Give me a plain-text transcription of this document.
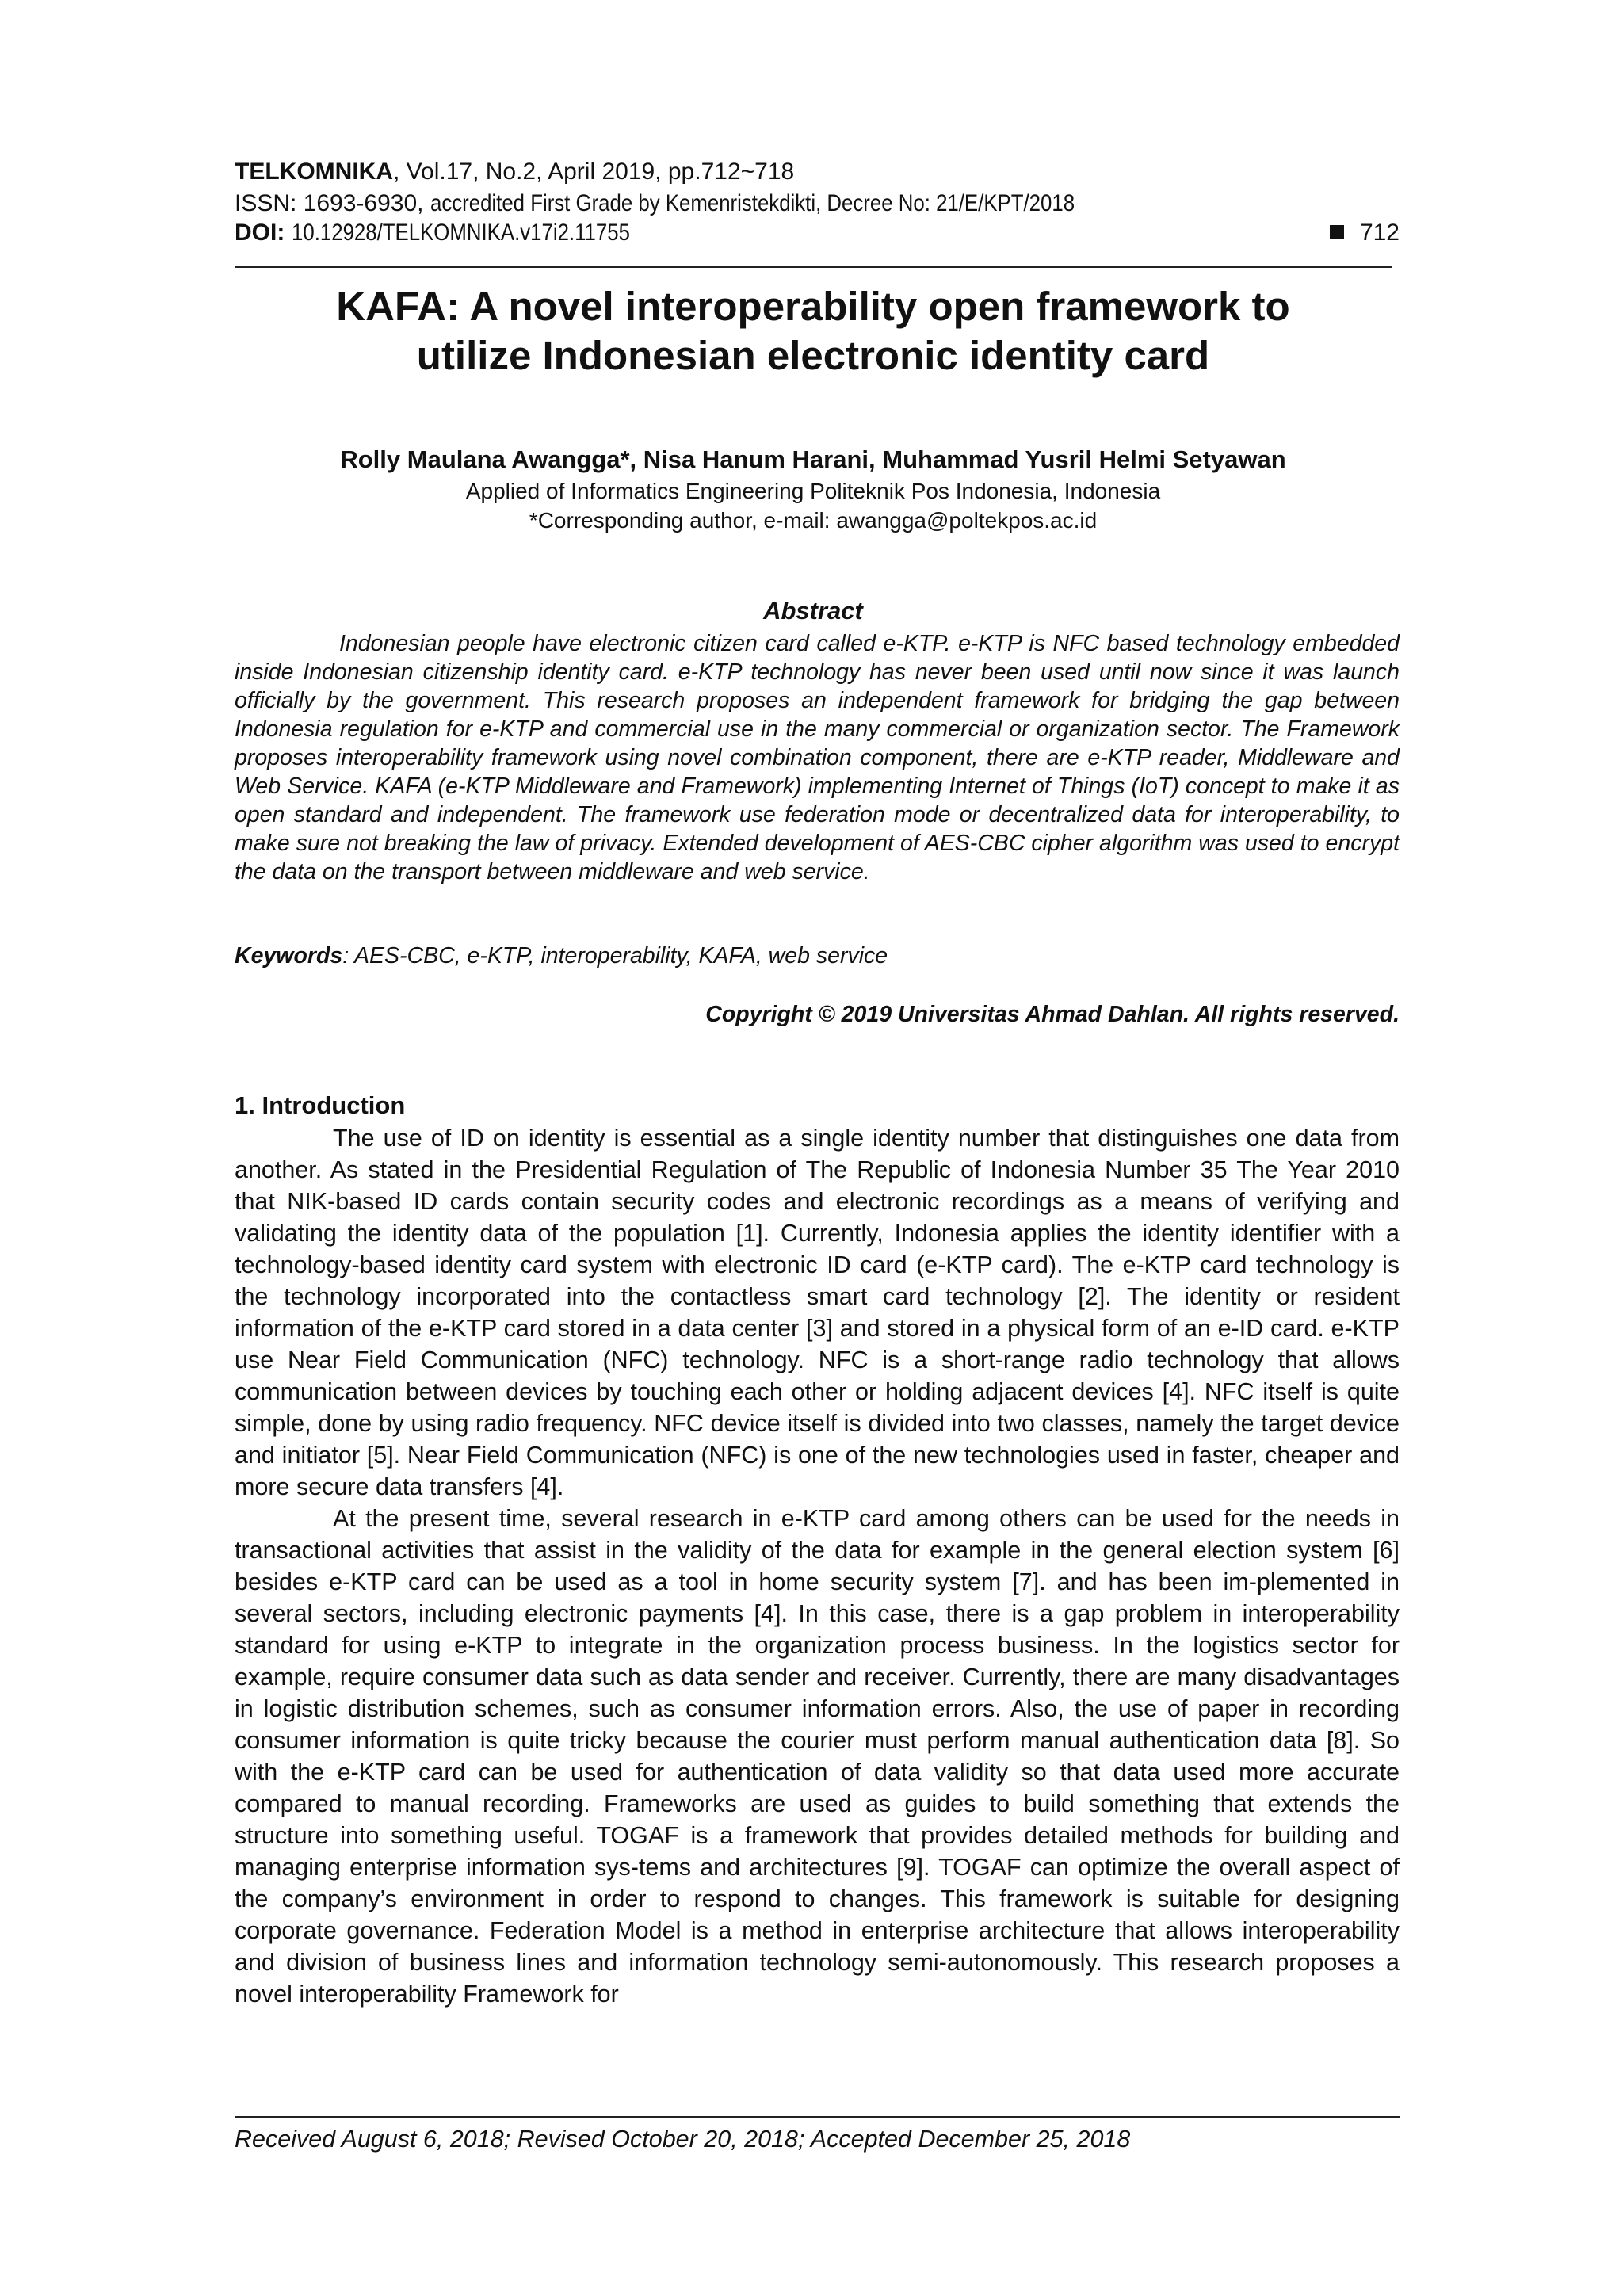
TELKOMNIKA, Vol.17, No.2, April 2019, pp.712~718
ISSN: 1693-6930, accredited First Grade by Kemenristekdikti, Decree No: 21/E/KPT/2018
DOI: 10.12928/TELKOMNIKA.v17i2.11755	712
KAFA: A novel interoperability open framework to
utilize Indonesian electronic identity card
Rolly Maulana Awangga*, Nisa Hanum Harani, Muhammad Yusril Helmi Setyawan
Applied of Informatics Engineering Politeknik Pos Indonesia, Indonesia
*Corresponding author, e-mail: awangga@poltekpos.ac.id
Abstract
Indonesian people have electronic citizen card called e-KTP. e-KTP is NFC based technology embedded inside Indonesian citizenship identity card. e-KTP technology has never been used until now since it was launch officially by the government. This research proposes an independent framework for bridging the gap between Indonesia regulation for e-KTP and commercial use in the many commercial or organization sector. The Framework proposes interoperability framework using novel combination component, there are e-KTP reader, Middleware and Web Service. KAFA (e-KTP Middleware and Framework) implementing Internet of Things (IoT) concept to make it as open standard and independent. The framework use federation mode or decentralized data for interoperability, to make sure not breaking the law of privacy. Extended development of AES-CBC cipher algorithm was used to encrypt the data on the transport between middleware and web service.
Keywords: AES-CBC, e-KTP, interoperability, KAFA, web service
Copyright © 2019 Universitas Ahmad Dahlan. All rights reserved.
1. Introduction

The use of ID on identity is essential as a single identity number that distinguishes one data from another. As stated in the Presidential Regulation of The Republic of Indonesia Number 35 The Year 2010 that NIK-based ID cards contain security codes and electronic recordings as a means of verifying and validating the identity data of the population [1]. Currently, Indonesia applies the identity identifier with a technology-based identity card system with electronic ID card (e-KTP card). The e-KTP card technology is the technology incorporated into the contactless smart card technology [2]. The identity or resident information of the e-KTP card stored in a data center [3] and stored in a physical form of an e-ID card. e-KTP use Near Field Communication (NFC) technology. NFC is a short-range radio technology that allows communication between devices by touching each other or holding adjacent devices [4]. NFC itself is quite simple, done by using radio frequency. NFC device itself is divided into two classes, namely the target device and initiator [5]. Near Field Communication (NFC) is one of the new technologies used in faster, cheaper and more secure data transfers [4].

At the present time, several research in e-KTP card among others can be used for the needs in transactional activities that assist in the validity of the data for example in the general election system [6] besides e-KTP card can be used as a tool in home security system [7]. and has been im-plemented in several sectors, including electronic payments [4]. In this case, there is a gap problem in interoperability standard for using e-KTP to integrate in the organization process business. In the logistics sector for example, require consumer data such as data sender and receiver. Currently, there are many disadvantages in logistic distribution schemes, such as consumer information errors. Also, the use of paper in recording consumer information is quite tricky because the courier must perform manual authentication data [8]. So with the e-KTP card can be used for authentication of data validity so that data used more accurate compared to manual recording. Frameworks are used as guides to build something that extends the structure into something useful. TOGAF is a framework that provides detailed methods for building and managing enterprise information sys-tems and architectures [9]. TOGAF can optimize the overall aspect of the company’s environment in order to respond to changes. This framework is suitable for designing corporate governance. Federation Model is a method in enterprise architecture that allows interoperability and division of business lines and information technology semi-autonomously. This research proposes a novel interoperability Framework for

Received August 6, 2018; Revised October 20, 2018; Accepted December 25, 2018
